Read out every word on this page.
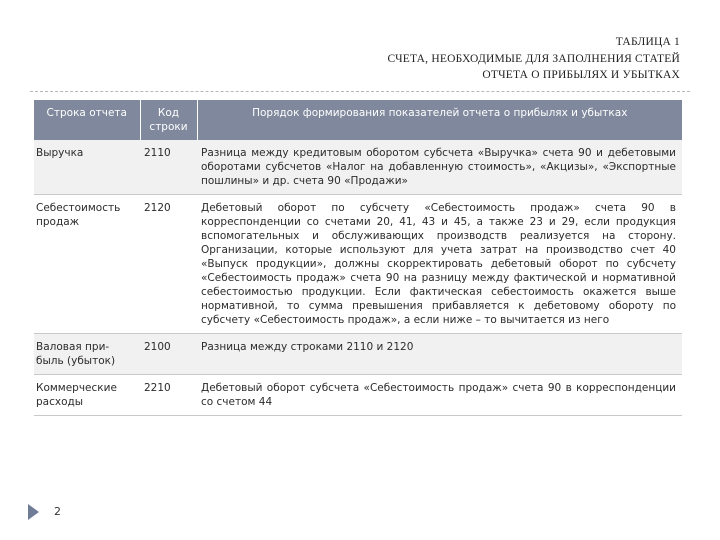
ТАБЛИЦА 1
СЧЕТА, НЕОБХОДИМЫЕ ДЛЯ ЗАПОЛНЕНИЯ СТАТЕЙ
ОТЧЕТА О ПРИБЫЛЯХ И УБЫТКАХ
Строка отчета	Код строки	Порядок формирования показателей отчета о прибылях и убытках
Выручка	2110	Разница между кредитовым оборотом субсчета «Выручка» счета 90 и дебетовыми оборотами субсчетов «Налог на добавленную стоимость», «Акцизы», «Экспортные пошлины» и др. счета 90 «Продажи»
Себестоимость продаж	2120	Дебетовый оборот по субсчету «Себестоимость продаж» счета 90 в корреспонденции со счетами 20, 41, 43 и 45, а также 23 и 29, если продукция вспомогательных и обслуживающих производств реализуется на сторону. Организации, которые используют для учета затрат на производство счет 40 «Выпуск продукции», должны скорректировать дебетовый оборот по субсчету «Себестоимость продаж» счета 90 на разницу между фактической и нормативной себестоимостью продукции. Если фактическая себестоимость окажется выше нормативной, то сумма превышения прибавляется к дебетовому обороту по субсчету «Себестоимость продаж», а если ниже – то вычитается из него
Валовая при-быль (убыток)	2100	Разница между строками 2110 и 2120
Коммерческие расходы	2210	Дебетовый оборот субсчета «Себестоимость продаж» счета 90 в корреспонденции со счетом 44
2
